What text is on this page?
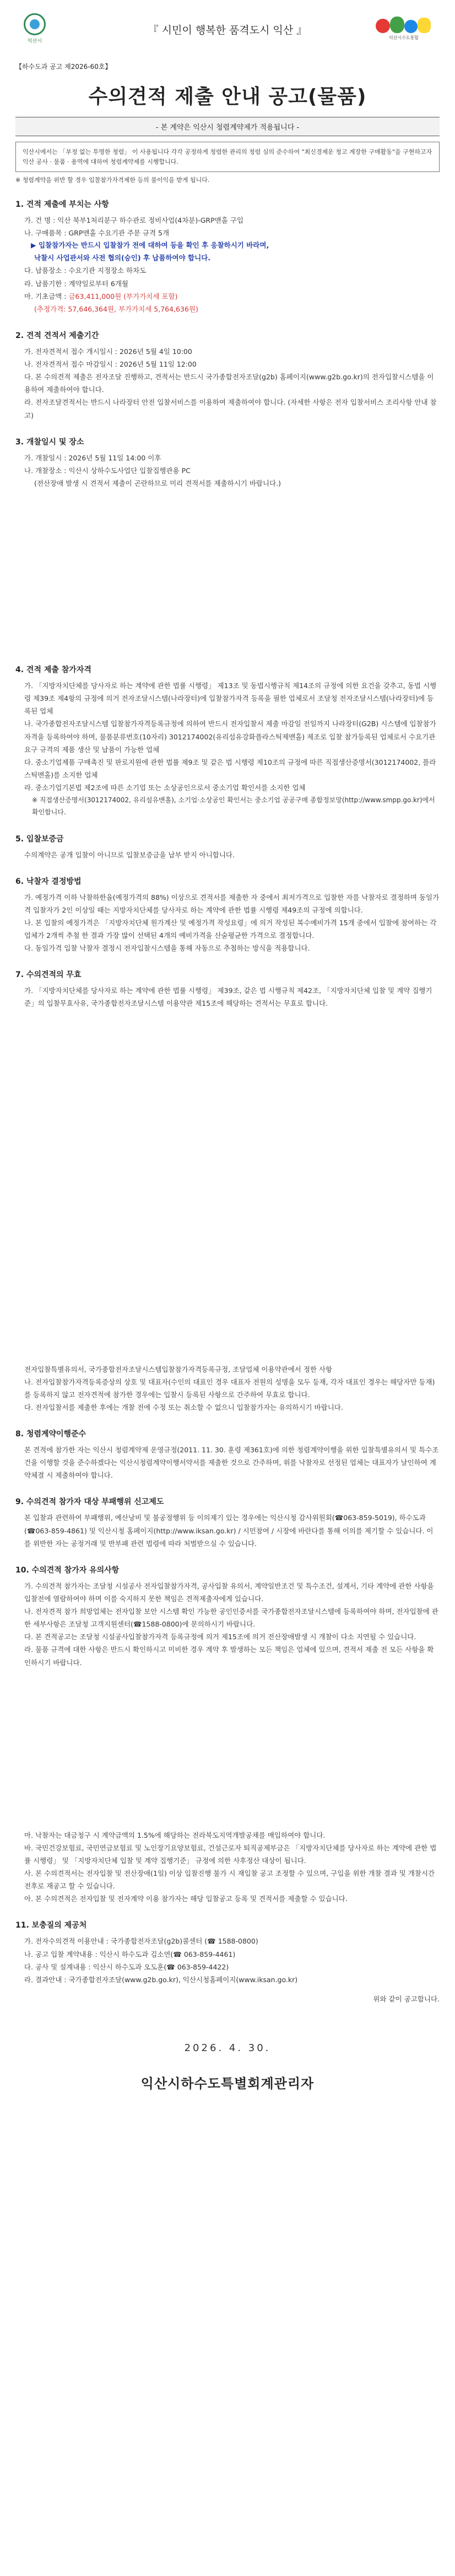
익산시
『 시민이 행복한 품격도시 익산 』
익산시수도통합
【하수도과 공고 제2026-60호】
수의견적 제출 안내 공고(물품)
- 본 계약은 익산시 청렴계약제가 적용됩니다 -
익산시에서는 「부정 없는 투명한 청렴」 이 사용됩니다 각각 공정하게 청렴한 관리의 청렴 심의 준수하여 "최신경제운 청고 계장한 구매활동"을 구현하고자 익산 공사 · 물품 · 용역에 대하여 청렴계약제를 시행합니다.
※ 청렴계약을 위반 할 경우 입찰참가자격제한 등의 불이익을 받게 됩니다.
1. 견적 제출에 부치는 사항
가. 건 명 : 익산 북부1처리분구 하수관로 정비사업(4차분)-GRP맨홀 구입
나. 구매품목 : GRP맨홀 수요기관 주문 규격 5개
▶ 입찰참가자는 반드시 입찰참가 전에 대하여 등을 확인 후 응찰하시기 바라며,
낙찰시 사업관서와 사전 협의(승인) 후 납품하여야 합니다.
다. 납품장소 : 수요기관 지정장소 하차도
라. 납품기한 : 계약일로부터 6개월
마. 기초금액 : 금63,411,000원 (부가가치세 포함)
(추정가격: 57,646,364원, 부가가치세 5,764,636원)
2. 견적 견적서 제출기간
가. 전자견적서 접수 개시일시 : 2026년 5월 4일 10:00
나. 전자견적서 접수 마감일시 : 2026년 5월 11일 12:00
다. 본 수의견적 제출은 전자조달 진행하고, 견적서는 반드시 국가종합전자조달(g2b) 홈페이지(www.g2b.go.kr)의 전자입찰시스템을 이용하여 제출하여야 합니다.
라. 전자조달견적서는 반드시 나라장터 안전 입찰서비스를 이용하여 제출하여야 합니다. (자세한 사항은 전자 입찰서비스 조리사항 안내 참고)
3. 개찰일시 및 장소
가. 개찰일시 : 2026년 5월 11일 14:00 이후
나. 개찰장소 : 익산시 상하수도사업단 입찰집행관용 PC
(전산장애 발생 시 견적서 제출이 곤란하므로 미리 견적서를 제출하시기 바랍니다.)
4. 견적 제출 참가자격
가. 「지방자치단체를 당사자로 하는 계약에 관한 법률 시행령」 제13조 및 동법시행규칙 제14조의 규정에 의한 요건을 갖추고, 동법 시행령 제39조 제4항의 규정에 의거 전자조달시스템(나라장터)에 입찰참가자격 등록을 필한 업체로서 조달청 전자조달시스템(나라장터)에 등록된 업체
나. 국가종합전자조달시스템 입찰참가자격등록규정에 의하여 반드시 전자입찰서 제출 마감일 전일까지 나라장터(G2B) 시스템에 입찰참가자격을 등록하여야 하며, 물품분류번호(10자리) 3012174002(유리섬유강화플라스틱제맨홀) 제조로 입찰 참가등록된 업체로서 수요기관 요구 규격의 제품 생산 및 납품이 가능한 업체
다. 중소기업제품 구매촉진 및 판로지원에 관한 법률 제9조 및 같은 법 시행령 제10조의 규정에 따른 직접생산증명서(3012174002, 플라스틱맨홀)를 소지한 업체
라. 중소기업기본법 제2조에 따른 소기업 또는 소상공인으로서 중소기업 확인서를 소지한 업체
※ 직접생산증명서(3012174002, 유리섬유맨홀), 소기업·소상공인 확인서는 중소기업 공공구매 종합정보망(http://www.smpp.go.kr)에서 확인합니다.
5. 입찰보증금
수의계약은 공개 입찰이 아니므로 입찰보증금을 납부 받지 아니합니다.
6. 낙찰자 결정방법
가. 예정가격 이하 낙찰하한율(예정가격의 88%) 이상으로 견적서를 제출한 자 중에서 최저가격으로 입찰한 자를 낙찰자로 결정하며 동일가격 입찰자가 2인 이상일 때는 지방자치단체를 당사자로 하는 계약에 관한 법률 시행령 제49조의 규정에 의합니다.
나. 본 입찰의 예정가격은 「지방자치단체 원가계산 및 예정가격 작성요령」에 의거 작성된 복수예비가격 15개 중에서 입찰에 참여하는 각 업체가 2개씩 추첨 한 결과 가장 많이 선택된 4개의 예비가격을 산술평균한 가격으로 결정합니다.
다. 동일가격 입찰 낙찰자 결정시 전자입찰시스템을 통해 자동으로 추첨하는 방식을 적용합니다.
7. 수의견적의 무효
가. 「지방자치단체를 당사자로 하는 계약에 관한 법률 시행령」 제39조, 같은 법 시행규칙 제42조, 「지방자치단체 입찰 및 계약 집행기준」의 입찰무효사유, 국가종합전자조달시스템 이용약관 제15조에 해당하는 견적서는 무효로 합니다.
전자입찰특별유의서, 국가종합전자조달시스템입찰참가자격등록규정, 조달업체 이용약관에서 정한 사항
나. 전자입찰참가자격등록증상의 상호 및 대표자(수인의 대표인 경우 대표자 전원의 성명을 모두 등재, 각자 대표인 경우는 해당자만 등재)를 등록하지 않고 전자견적에 참가한 경우에는 입찰시 등록된 사항으로 간주하여 무효로 합니다.
다. 전자입찰서를 제출한 후에는 개찰 전에 수정 또는 취소할 수 없으니 입찰참가자는 유의하시기 바랍니다.
8. 청렴계약이행준수
본 견적에 참가한 자는 익산시 청렴계약제 운영규정(2011. 11. 30. 훈령 제361호)에 의한 청렴계약이행을 위한 입찰특별유의서 및 특수조건을 이행할 것을 준수하겠다는 익산시청렴계약이행서약서를 제출한 것으로 간주하며, 위를 낙찰자로 선정된 업체는 대표자가 날인하여 계약체결 시 제출하여야 합니다.
9. 수의견적 참가자 대상 부패행위 신고제도
본 입찰과 관련하여 부패행위, 예산낭비 및 불공정행위 등 이의제기 있는 경우에는 익산시청 감사위원회(☎063-859-5019), 하수도과(☎063-859-4861) 및 익산시청 홈페이지(http://www.iksan.go.kr) / 시민참여 / 시장에 바란다를 통해 이의를 제기할 수 있습니다. 이를 위반한 자는 공정거래 및 반부패 관련 법령에 따라 처벌받으실 수 있습니다.
10. 수의견적 참가자 유의사항
가. 수의견적 참가자는 조달청 시설공사 전자입찰참가자격, 공사입찰 유의서, 계약일반조건 및 특수조건, 설계서, 기타 계약에 관한 사항을 입찰전에 열람하여야 하며 이를 숙지하지 못한 책임은 견적제출자에게 있습니다.
나. 전자견적 참가 희망업체는 전자입찰 보안 시스템 확인 가능한 공인인증서를 국가종합전자조달시스템에 등록하여야 하며, 전자입찰에 관한 세부사항은 조달청 고객지원센터(☎1588-0800)에 문의하시기 바랍니다.
다. 본 견적공고는 조달청 시설공사입찰참가자격 등록규정에 의거 제15조에 의거 전산장애발생 시 개찰이 다소 지연될 수 있습니다.
라. 물품 규격에 대한 사항은 반드시 확인하시고 미비한 경우 계약 후 발생하는 모든 책임은 업체에 있으며, 견적서 제출 전 모든 사항을 확인하시기 바랍니다.
마. 낙찰자는 대금청구 시 계약금액의 1.5%에 해당하는 전라북도지역개발공채를 매입하여야 합니다.
바. 국민건강보험료, 국민연금보험료 및 노인장기요양보험료, 건설근로자 퇴직공제부금은 「지방자치단체를 당사자로 하는 계약에 관한 법률 시행령」 및 「지방자치단체 입찰 및 계약 집행기준」 규정에 의한 사후정산 대상이 됩니다.
사. 본 수의견적서는 전자입찰 및 전산장애(1일) 이상 입찰진행 불가 시 재입찰 공고 조정할 수 있으며, 구입을 위한 개찰 결과 및 개찰시간 전후로 재공고 할 수 있습니다.
아. 본 수의견적은 전자입찰 및 전자계약 이용 참가자는 해당 입찰공고 등록 및 견적서를 제출할 수 있습니다.
11. 보충질의 제공처
가. 전자수의견적 이용안내 : 국가종합전자조달(g2b)콜센터 (☎ 1588-0800)
나. 공고 입찰 계약내용 : 익산시 하수도과 김소연(☎ 063-859-4461)
다. 공사 및 설계내용 : 익산시 하수도과 오도훈(☎ 063-859-4422)
라. 결과안내 : 국가종합전자조달(www.g2b.go.kr), 익산시청홈페이지(www.iksan.go.kr)
위와 같이 공고합니다.
2026. 4. 30.
익산시하수도특별회계관리자
